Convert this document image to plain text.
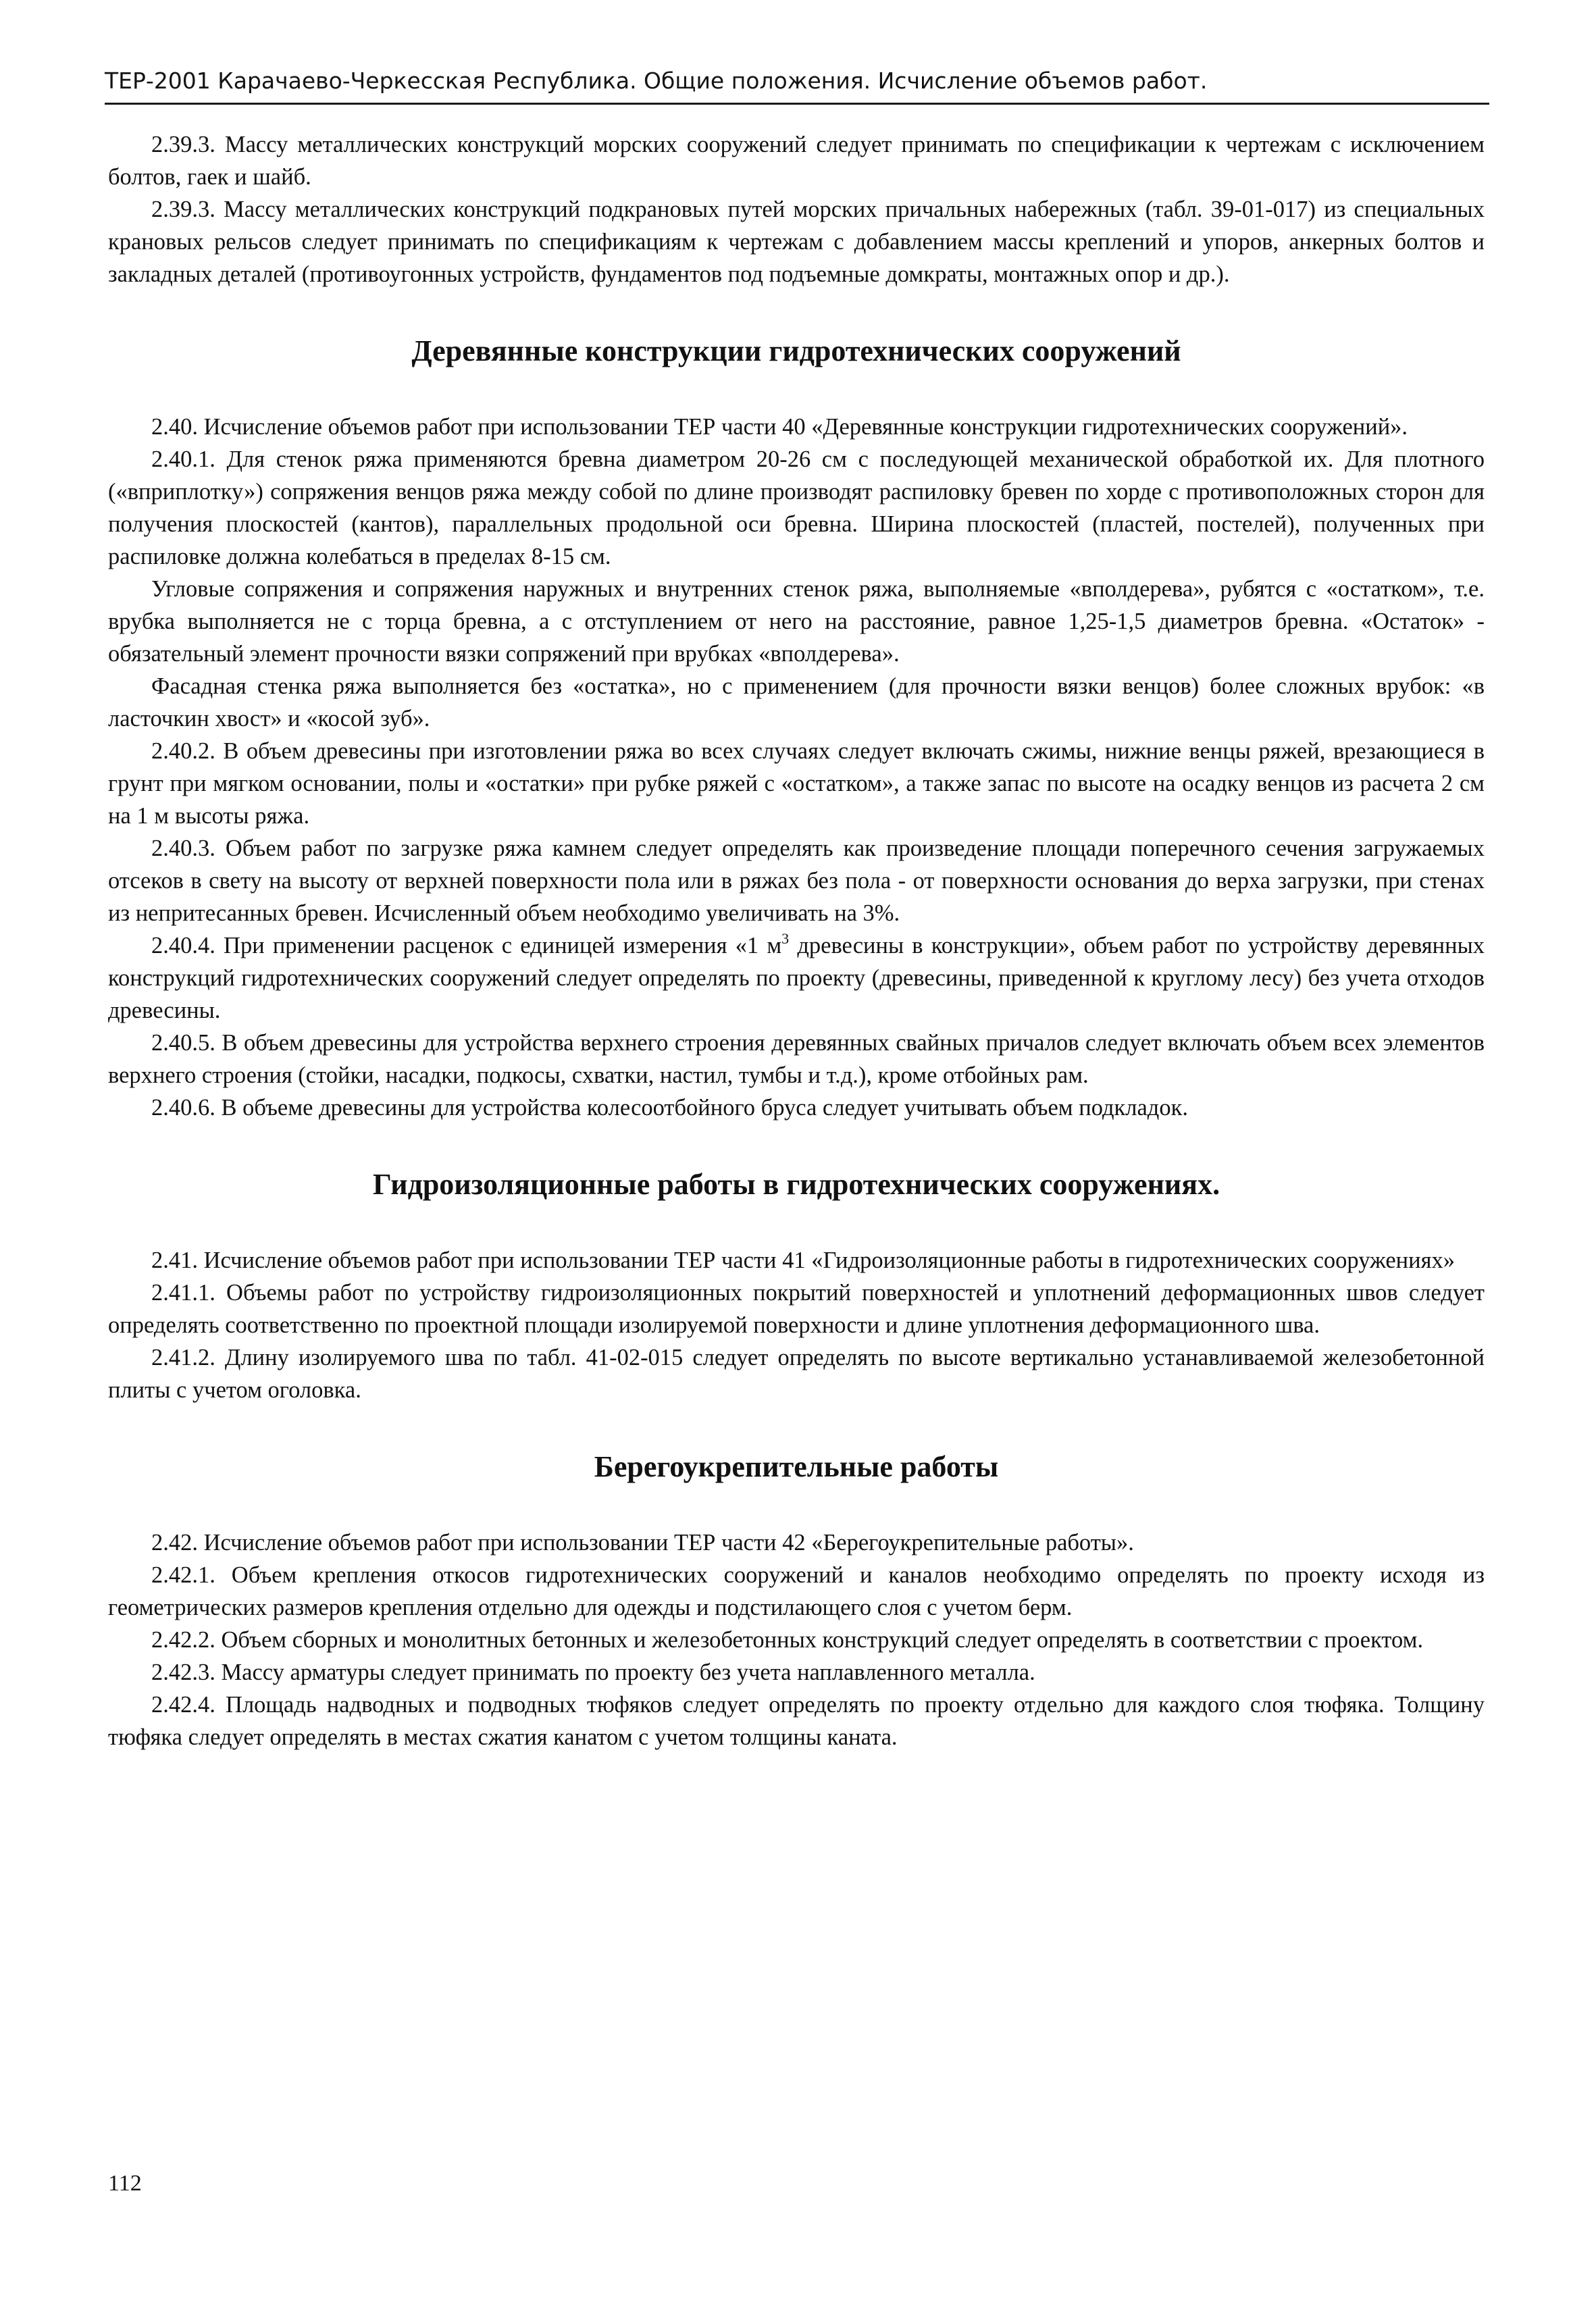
ТЕР-2001 Карачаево-Черкесская Республика. Общие положения. Исчисление объемов работ.

2.39.3. Массу металлических конструкций морских сооружений следует принимать по спецификации к чертежам с исключением болтов, гаек и шайб.

2.39.3. Массу металлических конструкций подкрановых путей морских причальных набережных (табл. 39-01-017) из специальных крановых рельсов следует принимать по спецификациям к чертежам с добавлением массы креплений и упоров, анкерных болтов и закладных деталей (противоугонных устройств, фундаментов под подъемные домкраты, монтажных опор и др.).

Деревянные конструкции гидротехнических сооружений

2.40. Исчисление объемов работ при использовании ТЕР части 40 «Деревянные конструкции гидротехнических сооружений».

2.40.1. Для стенок ряжа применяются бревна диаметром 20-26 см с последующей механической обработкой их. Для плотного («вприплотку») сопряжения венцов ряжа между собой по длине производят распиловку бревен по хорде с противоположных сторон для получения плоскостей (кантов), параллельных продольной оси бревна. Ширина плоскостей (пластей, постелей), полученных при распиловке должна колебаться в пределах 8-15 см.

Угловые сопряжения и сопряжения наружных и внутренних стенок ряжа, выполняемые «вполдерева», рубятся с «остатком», т.е. врубка выполняется не с торца бревна, а с отступлением от него на расстояние, равное 1,25-1,5 диаметров бревна. «Остаток» - обязательный элемент прочности вязки сопряжений при врубках «вполдерева».

Фасадная стенка ряжа выполняется без «остатка», но с применением (для прочности вязки венцов) более сложных врубок: «в ласточкин хвост» и «косой зуб».

2.40.2. В объем древесины при изготовлении ряжа во всех случаях следует включать сжимы, нижние венцы ряжей, врезающиеся в грунт при мягком основании, полы и «остатки» при рубке ряжей с «остатком», а также запас по высоте на осадку венцов из расчета 2 см на 1 м высоты ряжа.

2.40.3. Объем работ по загрузке ряжа камнем следует определять как произведение площади поперечного сечения загружаемых отсеков в свету на высоту от верхней поверхности пола или в ряжах без пола - от поверхности основания до верха загрузки, при стенах из непритесанных бревен. Исчисленный объем необходимо увеличивать на 3%.

2.40.4. При применении расценок с единицей измерения «1 $м^3$ древесины в конструкции», объем работ по устройству деревянных конструкций гидротехнических сооружений следует определять по проекту (древесины, приведенной к круглому лесу) без учета отходов древесины.

2.40.5. В объем древесины для устройства верхнего строения деревянных свайных причалов следует включать объем всех элементов верхнего строения (стойки, насадки, подкосы, схватки, настил, тумбы и т.д.), кроме отбойных рам.

2.40.6. В объеме древесины для устройства колесоотбойного бруса следует учитывать объем подкладок.

Гидроизоляционные работы в гидротехнических сооружениях.

2.41. Исчисление объемов работ при использовании ТЕР части 41 «Гидроизоляционные работы в гидротехнических сооружениях»

2.41.1. Объемы работ по устройству гидроизоляционных покрытий поверхностей и уплотнений деформационных швов следует определять соответственно по проектной площади изолируемой поверхности и длине уплотнения деформационного шва.

2.41.2. Длину изолируемого шва по табл. 41-02-015 следует определять по высоте вертикально устанавливаемой железобетонной плиты с учетом оголовка.

Берегоукрепительные работы

2.42. Исчисление объемов работ при использовании ТЕР части 42 «Берегоукрепительные работы».

2.42.1. Объем крепления откосов гидротехнических сооружений и каналов необходимо определять по проекту исходя из геометрических размеров крепления отдельно для одежды и подстилающего слоя с учетом берм.

2.42.2. Объем сборных и монолитных бетонных и железобетонных конструкций следует определять в соответствии с проектом.

2.42.3. Массу арматуры следует принимать по проекту без учета наплавленного металла.

2.42.4. Площадь надводных и подводных тюфяков следует определять по проекту отдельно для каждого слоя тюфяка. Толщину тюфяка следует определять в местах сжатия канатом с учетом толщины каната.

112
